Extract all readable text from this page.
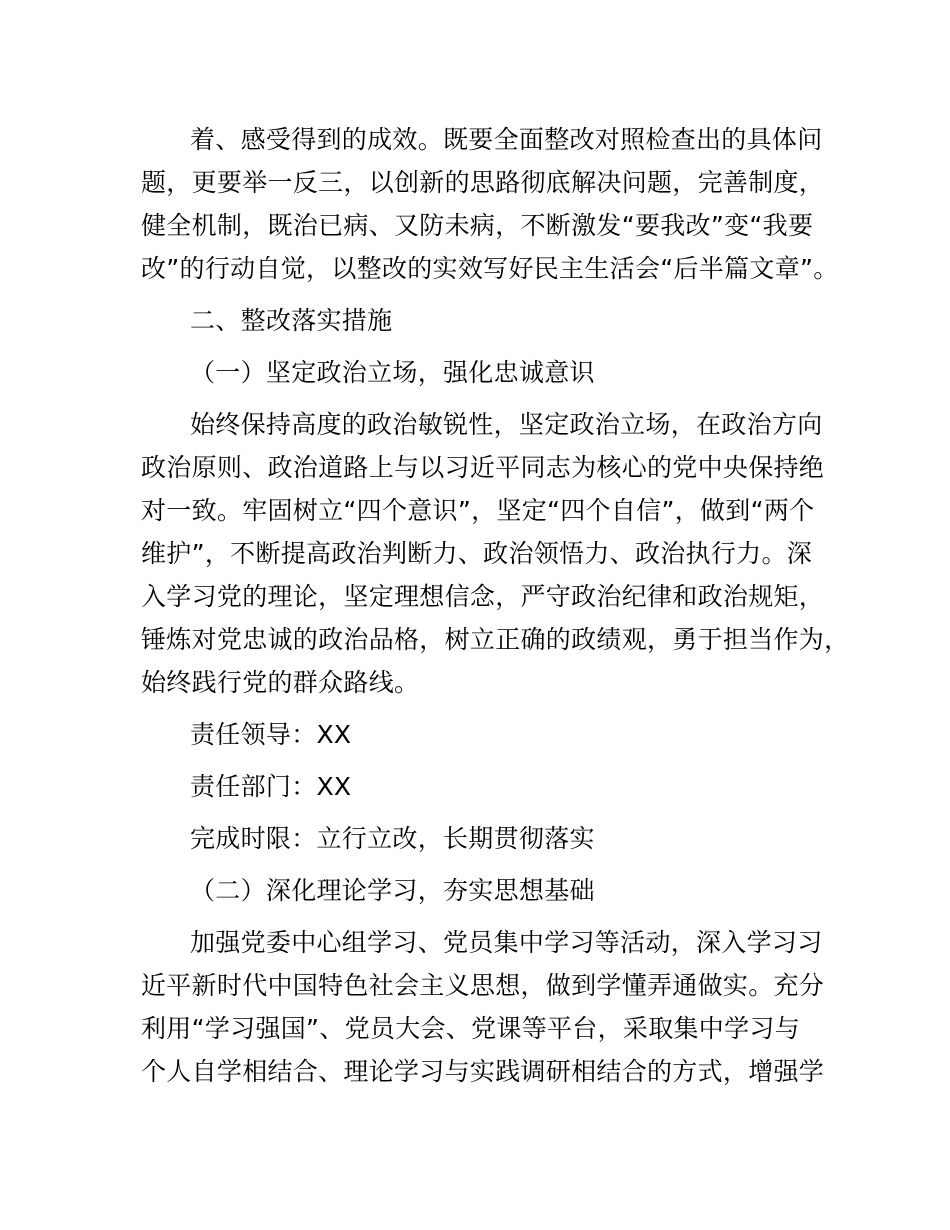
着、感受得到的成效。既要全面整改对照检查出的具体问
题，更要举一反三，以创新的思路彻底解决问题，完善制度，
健全机制，既治已病、又防未病，不断激发“要我改”变“我要
改”的行动自觉，以整改的实效写好民主生活会“后半篇文章”。
二、整改落实措施
（一）坚定政治立场，强化忠诚意识
始终保持高度的政治敏锐性，坚定政治立场，在政治方向
政治原则、政治道路上与以习近平同志为核心的党中央保持绝
对一致。牢固树立“四个意识”，坚定“四个自信”，做到“两个
维护”，不断提高政治判断力、政治领悟力、政治执行力。深
入学习党的理论，坚定理想信念，严守政治纪律和政治规矩，
锤炼对党忠诚的政治品格，树立正确的政绩观，勇于担当作为，
始终践行党的群众路线。
责任领导：XX
责任部门：XX
完成时限：立行立改，长期贯彻落实
（二）深化理论学习，夯实思想基础
加强党委中心组学习、党员集中学习等活动，深入学习习
近平新时代中国特色社会主义思想，做到学懂弄通做实。充分
利用“学习强国”、党员大会、党课等平台，采取集中学习与
个人自学相结合、理论学习与实践调研相结合的方式，增强学
